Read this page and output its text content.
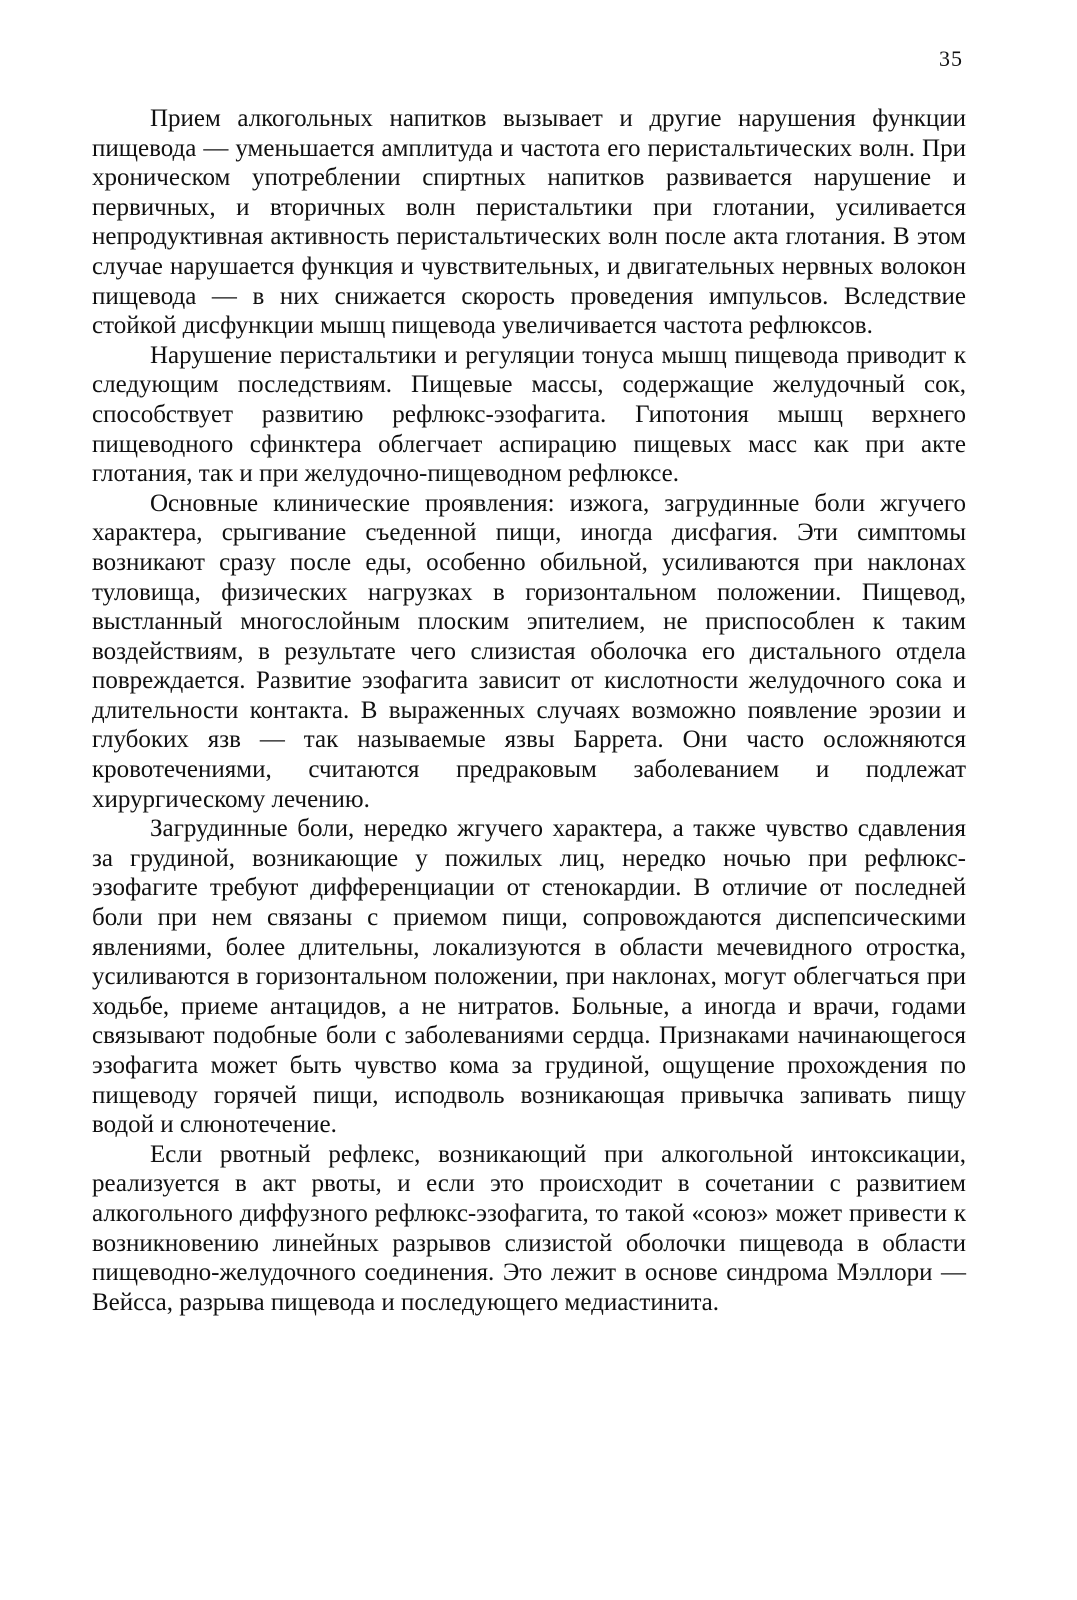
35

Прием алкогольных напитков вызывает и другие нарушения функции пищевода — уменьшается амплитуда и частота его перистальтических волн. При хроническом употреблении спиртных напитков развивается нарушение и первичных, и вторичных волн перистальтики при глотании, усиливается непродуктивная активность перистальтических волн после акта глотания. В этом случае нарушается функция и чувствительных, и двигательных нервных волокон пищевода — в них снижается скорость проведения импульсов. Вследствие стойкой дисфункции мышц пищевода увеличивается частота рефлюксов.

Нарушение перистальтики и регуляции тонуса мышц пищевода приводит к следующим последствиям. Пищевые массы, содержащие желудочный сок, способствует развитию рефлюкс-эзофагита. Гипотония мышц верхнего пищеводного сфинктера облегчает аспирацию пищевых масс как при акте глотания, так и при желудочно-пищеводном рефлюксе.

Основные клинические проявления: изжога, загрудинные боли жгучего характера, срыгивание съеденной пищи, иногда дисфагия. Эти симптомы возникают сразу после еды, особенно обильной, усиливаются при наклонах туловища, физических нагрузках в горизонтальном положении. Пищевод, выстланный многослойным плоским эпителием, не приспособлен к таким воздействиям, в результате чего слизистая оболочка его дистального отдела повреждается. Развитие эзофагита зависит от кислотности желудочного сока и длительности контакта. В выраженных случаях возможно появление эрозии и глубоких язв — так называемые язвы Баррета. Они часто осложняются кровотечениями, считаются предраковым заболеванием и подлежат хирургическому лечению.

Загрудинные боли, нередко жгучего характера, а также чувство сдавления за грудиной, возникающие у пожилых лиц, нередко ночью при рефлюкс-эзофагите требуют дифференциации от стенокардии. В отличие от последней боли при нем связаны с приемом пищи, сопровождаются диспепсическими явлениями, более длительны, локализуются в области мечевидного отростка, усиливаются в горизонтальном положении, при наклонах, могут облегчаться при ходьбе, приеме антацидов, а не нитратов. Больные, а иногда и врачи, годами связывают подобные боли с заболеваниями сердца. Признаками начинающегося эзофагита может быть чувство кома за грудиной, ощущение прохождения по пищеводу горячей пищи, исподволь возникающая привычка запивать пищу водой и слюнотечение.

Если рвотный рефлекс, возникающий при алкогольной интоксикации, реализуется в акт рвоты, и если это происходит в сочетании с развитием алкогольного диффузного рефлюкс-эзофагита, то такой «союз» может привести к возникновению линейных разрывов слизистой оболочки пищевода в области пищеводно-желудочного соединения. Это лежит в основе синдрома Мэллори — Вейсса, разрыва пищевода и последующего медиастинита.
